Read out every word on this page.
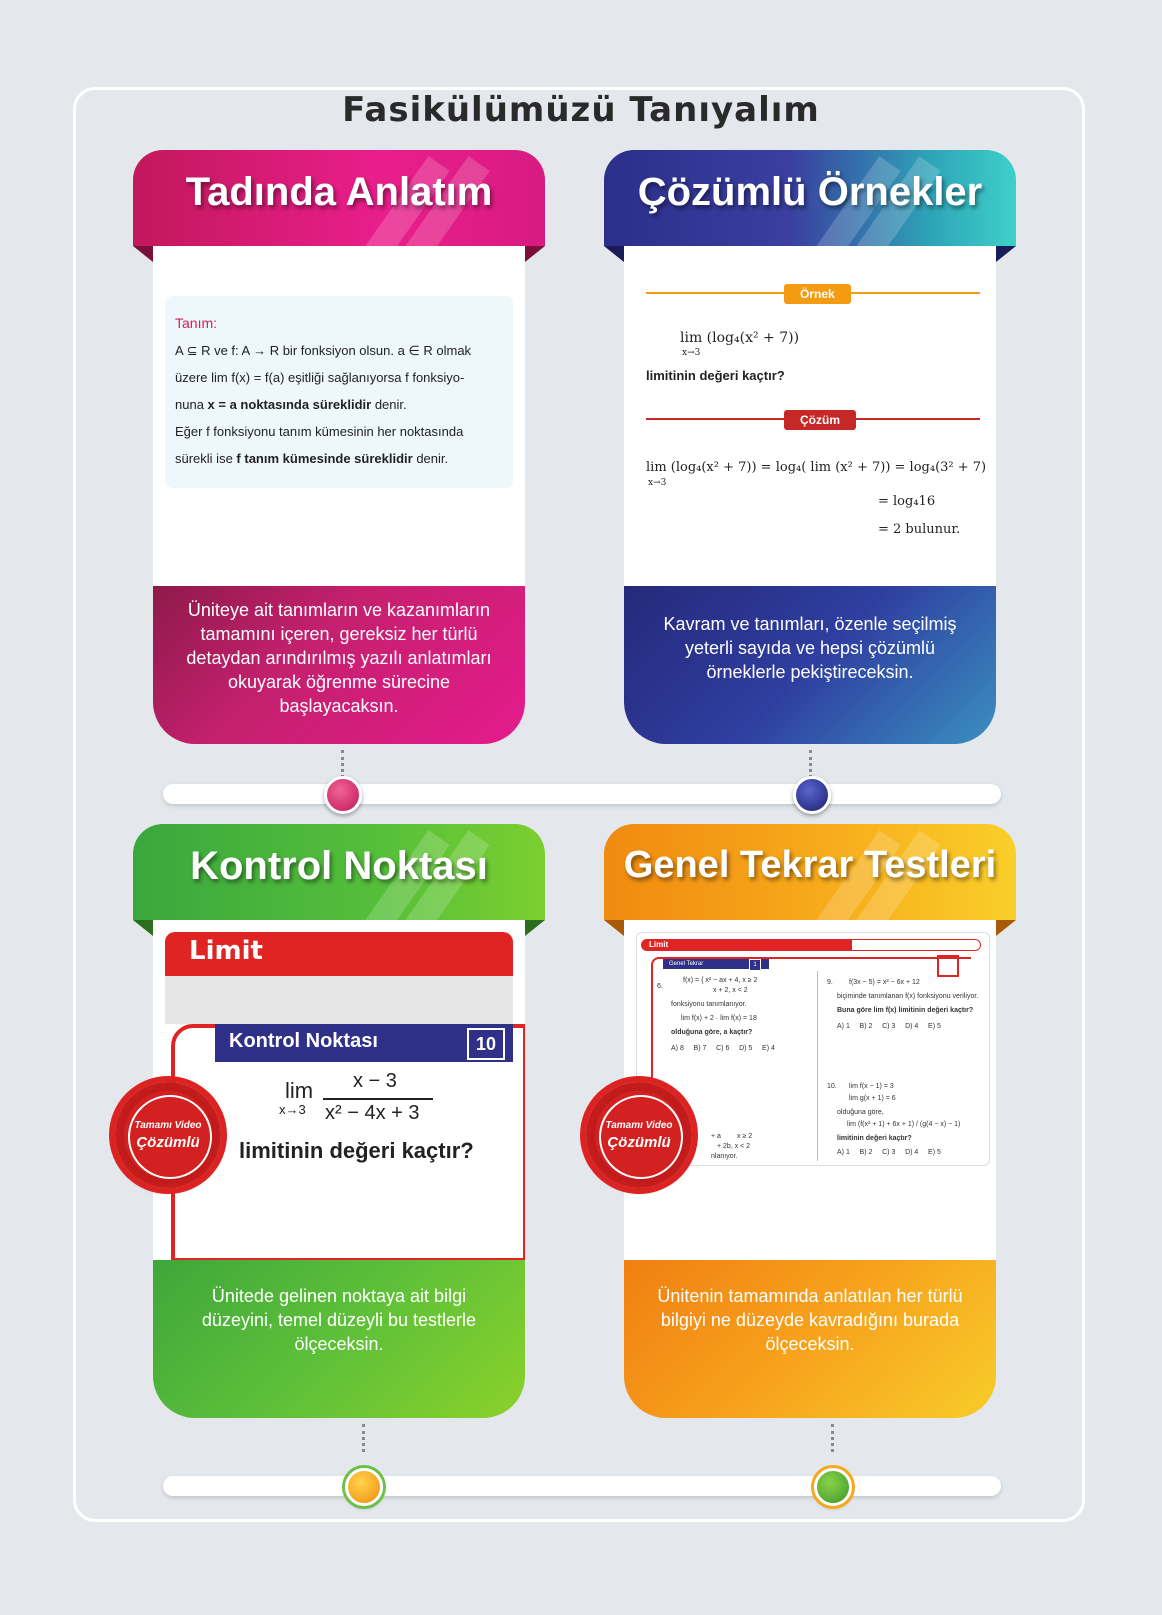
Fasikülümüzü Tanıyalım
Tadında Anlatım
Tanım:
A ⊆ R ve f: A → R bir fonksiyon olsun. a ∈ R olmak
üzere lim f(x) = f(a) eşitliği sağlanıyorsa f fonksiyo-
nuna x = a noktasında süreklidir denir.
Eğer f fonksiyonu tanım kümesinin her noktasında
sürekli ise f tanım kümesinde süreklidir denir.

Üniteye ait tanımların ve kazanımların tamamını içeren, gereksiz her türlü detaydan arındırılmış yazılı anlatımları okuyarak öğrenme sürecine başlayacaksın.

Çözümlü Örnekler
Örnek
lim (log₄(x² + 7))
x→3
limitinin değeri kaçtır?
Çözüm
lim (log₄(x² + 7)) = log₄( lim (x² + 7)) = log₄(3² + 7)
x→3
= log₄16
= 2 bulunur.

Kavram ve tanımları, özenle seçilmiş yeterli sayıda ve hepsi çözümlü örneklerle pekiştireceksin.

Kontrol Noktası
Limit
Kontrol Noktası	10
lim
x→3
x − 3
x² − 4x + 3
limitinin değeri kaçtır?

Ünitede gelinen noktaya ait bilgi düzeyini, temel düzeyli bu testlerle ölçeceksin.

Tamamı Video
Çözümlü
Genel Tekrar Testleri
Limit
Genel Tekrar	1
6.
f(x) = { x² − ax + 4, x ≥ 2
x + 2, x < 2
fonksiyonu tanımlanıyor.
lim f(x) + 2 · lim f(x) = 18
olduğuna göre, a kaçtır?
A) 8     B) 7     C) 6     D) 5     E) 4
9. f(3x − 5) = x² − 6x + 12
biçiminde tanımlanan f(x) fonksiyonu veriliyor.
Buna göre lim f(x) limitinin değeri kaçtır?
A) 1     B) 2     C) 3     D) 4     E) 5
10. lim f(x − 1) = 3
lim g(x + 1) = 6
olduğuna göre,
lim (f(x² + 1) + 6x + 1) / (g(4 − x) − 1)
limitinin değeri kaçtır?
A) 1     B) 2     C) 3     D) 4     E) 5
+ a x ≥ 2
+ 2b, x < 2
nlanıyor.

Ünitenin tamamında anlatılan her türlü bilgiyi ne düzeyde kavradığını burada ölçeceksin.

Tamamı Video
Çözümlü
